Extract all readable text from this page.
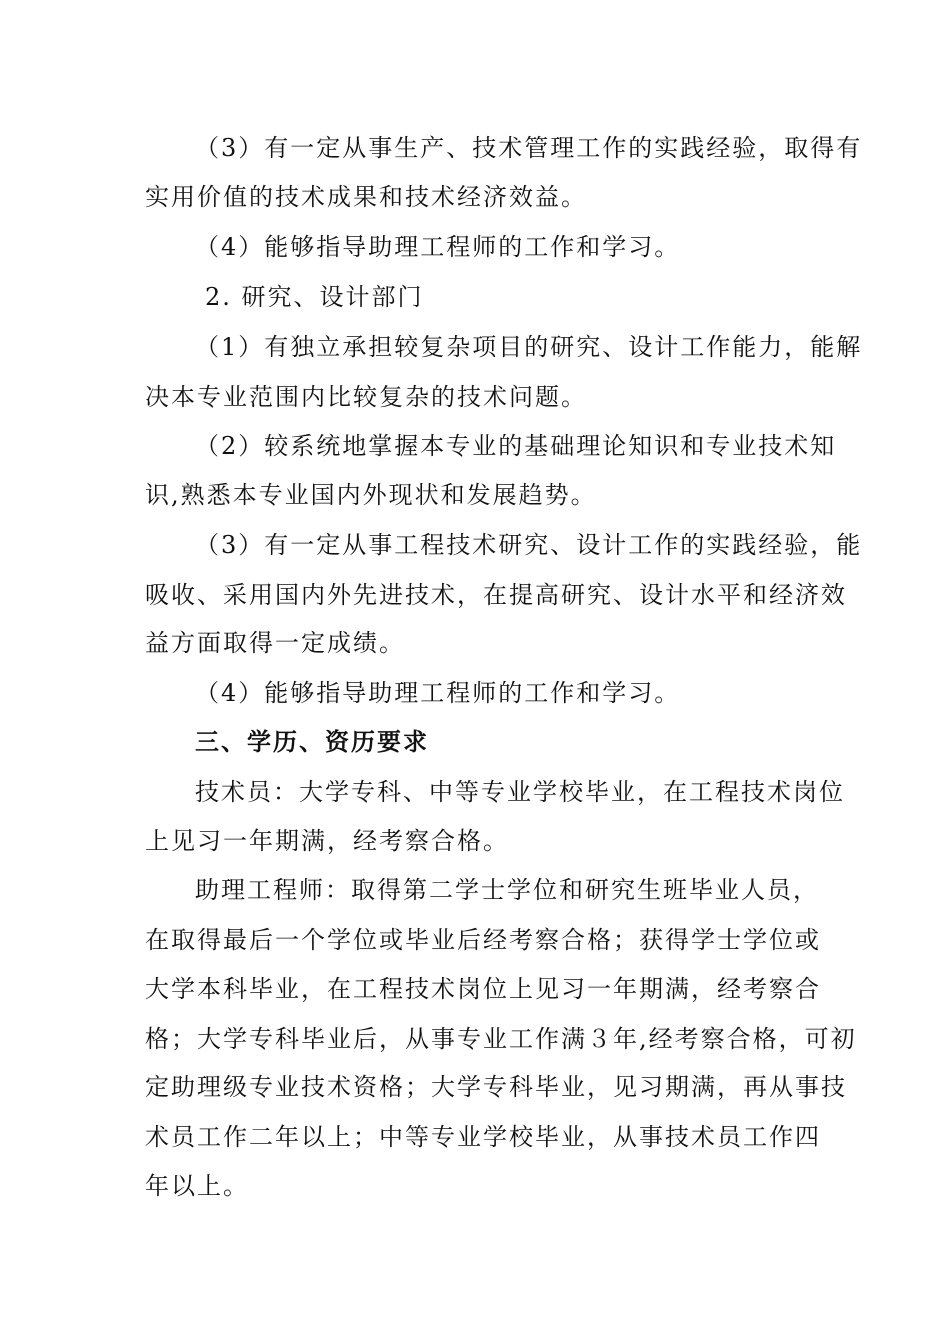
（3）有一定从事生产、技术管理工作的实践经验，取得有
实用价值的技术成果和技术经济效益。
（4）能够指导助理工程师的工作和学习。
2. 研究、设计部门
（1）有独立承担较复杂项目的研究、设计工作能力，能解
决本专业范围内比较复杂的技术问题。
（2）较系统地掌握本专业的基础理论知识和专业技术知
识,熟悉本专业国内外现状和发展趋势。
（3）有一定从事工程技术研究、设计工作的实践经验，能
吸收、采用国内外先进技术，在提高研究、设计水平和经济效
益方面取得一定成绩。
（4）能够指导助理工程师的工作和学习。
三、学历、资历要求
技术员：大学专科、中等专业学校毕业，在工程技术岗位
上见习一年期满，经考察合格。
助理工程师：取得第二学士学位和研究生班毕业人员，
在取得最后一个学位或毕业后经考察合格；获得学士学位或
大学本科毕业，在工程技术岗位上见习一年期满，经考察合
格；大学专科毕业后，从事专业工作满３年,经考察合格，可初
定助理级专业技术资格；大学专科毕业，见习期满，再从事技
术员工作二年以上；中等专业学校毕业，从事技术员工作四
年以上。
